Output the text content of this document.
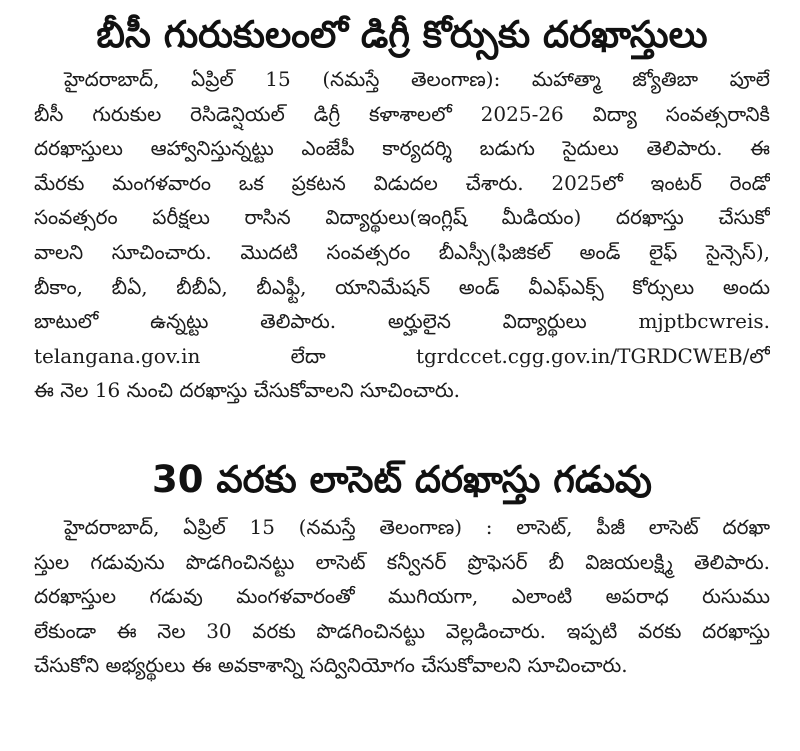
బీసీ గురుకులంలో డిగ్రీ కోర్సుకు దరఖాస్తులు
హైదరాబాద్, ఏప్రిల్ 15 (నమస్తే తెలంగాణ): మహాత్మా జ్యోతిబా పూలే
బీసీ గురుకుల రెసిడెన్షియల్ డిగ్రీ కళాశాలలో 2025-26 విద్యా సంవత్సరానికి
దరఖాస్తులు ఆహ్వానిస్తున్నట్టు ఎంజేపీ కార్యదర్శి బడుగు సైదులు తెలిపారు. ఈ
మేరకు మంగళవారం ఒక ప్రకటన విడుదల చేశారు. 2025లో ఇంటర్ రెండో
సంవత్సరం పరీక్షలు రాసిన విద్యార్థులు(ఇంగ్లిష్ మీడియం) దరఖాస్తు చేసుకో
వాలని సూచించారు. మొదటి సంవత్సరం బీఎస్సీ(ఫిజికల్ అండ్ లైఫ్ సైన్సెస్),
బీకాం, బీఏ, బీబీఏ, బీఎఫ్టీ, యానిమేషన్ అండ్ వీఎఫ్ఎక్స్ కోర్సులు అందు
బాటులో ఉన్నట్టు తెలిపారు. అర్హులైన విద్యార్థులు mjptbcwreis.
telangana.gov.in లేదా tgrdccet.cgg.gov.in/TGRDCWEB/లో
ఈ నెల 16 నుంచి దరఖాస్తు చేసుకోవాలని సూచించారు.
30 వరకు లాసెట్ దరఖాస్తు గడువు
హైదరాబాద్, ఏప్రిల్ 15 (నమస్తే తెలంగాణ) : లాసెట్, పీజీ లాసెట్ దరఖా
స్తుల గడువును పొడగించినట్టు లాసెట్ కన్వీనర్ ప్రొఫెసర్ బీ విజయలక్ష్మి తెలిపారు.
దరఖాస్తుల గడువు మంగళవారంతో ముగియగా, ఎలాంటి అపరాధ రుసుము
లేకుండా ఈ నెల 30 వరకు పొడగించినట్టు వెల్లడించారు. ఇప్పటి వరకు దరఖాస్తు
చేసుకోని అభ్యర్థులు ఈ అవకాశాన్ని సద్వినియోగం చేసుకోవాలని సూచించారు.
